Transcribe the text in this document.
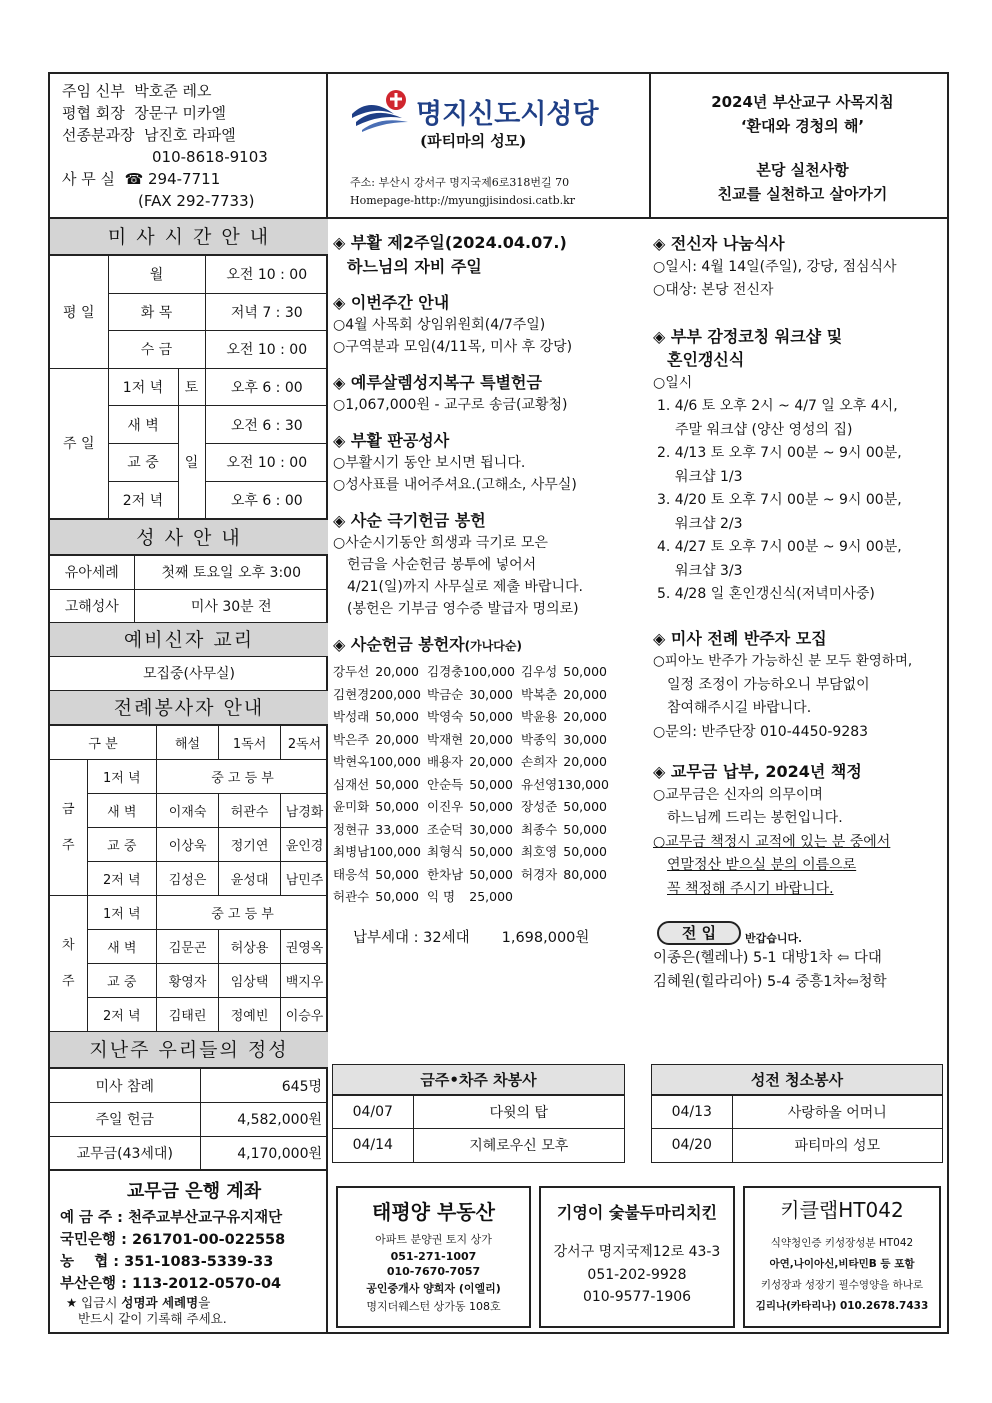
주임 신부 박호준 레오
평협 회장 장문구 미카엘
선종분과장 남진호 라파엘
010-8618-9103
사 무 실 ☎ 294-7711
(FAX 292-7733)
명지신도시성당
(파티마의 성모)
주소: 부산시 강서구 명지국제6로318번길 70
Homepage-http://myungjisindosi.catb.kr
2024년 부산교구 사목지침
‘환대와 경청의 해’
본당 실천사항
친교를 실천하고 살아가기
미 사 시 간 안 내
평 일	월		오전 10 : 00
	화 목		저녁 7 : 30
	수 금		오전 10 : 00
주 일	1저 녁	토	오후 6 : 00
	새 벽	일	오전 6 : 30
	교 중		오전 10 : 00
	2저 녁		오후 6 : 00
성 사 안 내
유아세례	첫째 토요일 오후 3:00
고해성사	미사 30분 전
예비신자 교리
모집중(사무실)
전례봉사자 안내
구 분		해설	1독서	2독서
금 주	1저 녁	중 고 등 부		
	새 벽	이재숙	허관수	남경화
	교 중	이상욱	정기연	윤인경
	2저 녁	김성은	윤성대	남민주
차 주	1저 녁	중 고 등 부		
	새 벽	김문곤	허상용	권영옥
	교 중	황영자	임상택	백지우
	2저 녁	김태린	정예빈	이승우
지난주 우리들의 정성
미사 참례	645명
주일 헌금	4,582,000원
교무금(43세대)	4,170,000원
교무금 은행 계좌
예 금 주 : 천주교부산교구유지재단
국민은행 : 261701-00-022558
농    협 : 351-1083-5339-33
부산은행 : 113-2012-0570-04
★ 입금시 성명과 세례명을
반드시 같이 기록해 주세요.
◈ 부활 제2주일(2024.04.07.)
하느님의 자비 주일
◈ 이번주간 안내
○4월 사목회 상임위원회(4/7주일)
○구역분과 모임(4/11목, 미사 후 강당)
◈ 예루살렘성지복구 특별헌금
○1,067,000원 - 교구로 송금(교황청)
◈ 부활 판공성사
○부활시기 동안 보시면 됩니다.
○성사표를 내어주셔요.(고해소, 사무실)
◈ 사순 극기헌금 봉헌
○사순시기동안 희생과 극기로 모은
헌금을 사순헌금 봉투에 넣어서
4/21(일)까지 사무실로 제출 바랍니다.
(봉헌은 기부금 영수증 발급자 명의로)
◈ 사순헌금 봉헌자(가나다순)
강두선 20,000 김경충 100,000 김우성 50,000
김현경 200,000 박금순 30,000 박복춘 20,000
박성래 50,000 박영숙 50,000 박윤용 20,000
박은주 20,000 박재현 20,000 박종익 30,000
박현옥 100,000 배용자 20,000 손희자 20,000
심재선 50,000 안순득 50,000 유선영 130,000
윤미화 50,000 이진우 50,000 장성준 50,000
정현규 33,000 조순덕 30,000 최종수 50,000
최병남 100,000 최형식 50,000 최호영 50,000
태응석 50,000 한차남 50,000 허경자 80,000
허관수 50,000 익 명 25,000
납부세대 : 32세대 1,698,000원
◈ 전신자 나눔식사
○일시: 4월 14일(주일), 강당, 점심식사
○대상: 본당 전신자
◈ 부부 감정코칭 워크샵 및
혼인갱신식
○일시
1. 4/6 토 오후 2시 ~ 4/7 일 오후 4시,
주말 워크샵 (양산 영성의 집)
2. 4/13 토 오후 7시 00분 ~ 9시 00분,
워크샵 1/3
3. 4/20 토 오후 7시 00분 ~ 9시 00분,
워크샵 2/3
4. 4/27 토 오후 7시 00분 ~ 9시 00분,
워크샵 3/3
5. 4/28 일 혼인갱신식(저녁미사중)
◈ 미사 전례 반주자 모집
○피아노 반주가 가능하신 분 모두 환영하며,
일정 조정이 가능하오니 부담없이
참여해주시길 바랍니다.
○문의: 반주단장 010-4450-9283
◈ 교무금 납부, 2024년 책정
○교무금은 신자의 의무이며
하느님께 드리는 봉헌입니다.
○교무금 책정시 교적에 있는 분 중에서
연말정산 받으실 분의 이름으로
꼭 책정해 주시기 바랍니다.
전 입	반갑습니다.
이종은(헬레나) 5-1 대방1차 ⇦ 다대
김혜원(힐라리아) 5-4 중흥1차⇦청학
금주•차주 차봉사
04/07	다윗의 탑
04/14	지혜로우신 모후
성전 청소봉사
04/13	사랑하올 어머니
04/20	파티마의 성모
태평양 부동산
아파트 분양권 토지 상가
051-271-1007
010-7670-7057
공인중개사 양희자 (이엘리)
명지더웨스턴 상가동 108호
기영이 숯불두마리치킨
강서구 명지국제12로 43-3
051-202-9928
010-9577-1906
키클랩HT042
식약청인증 키성장성분 HT042
아연,나이아신,비타민B 등 포함
키성장과 성장기 필수영양을 하나로
김리나(카타리나) 010.2678.7433
